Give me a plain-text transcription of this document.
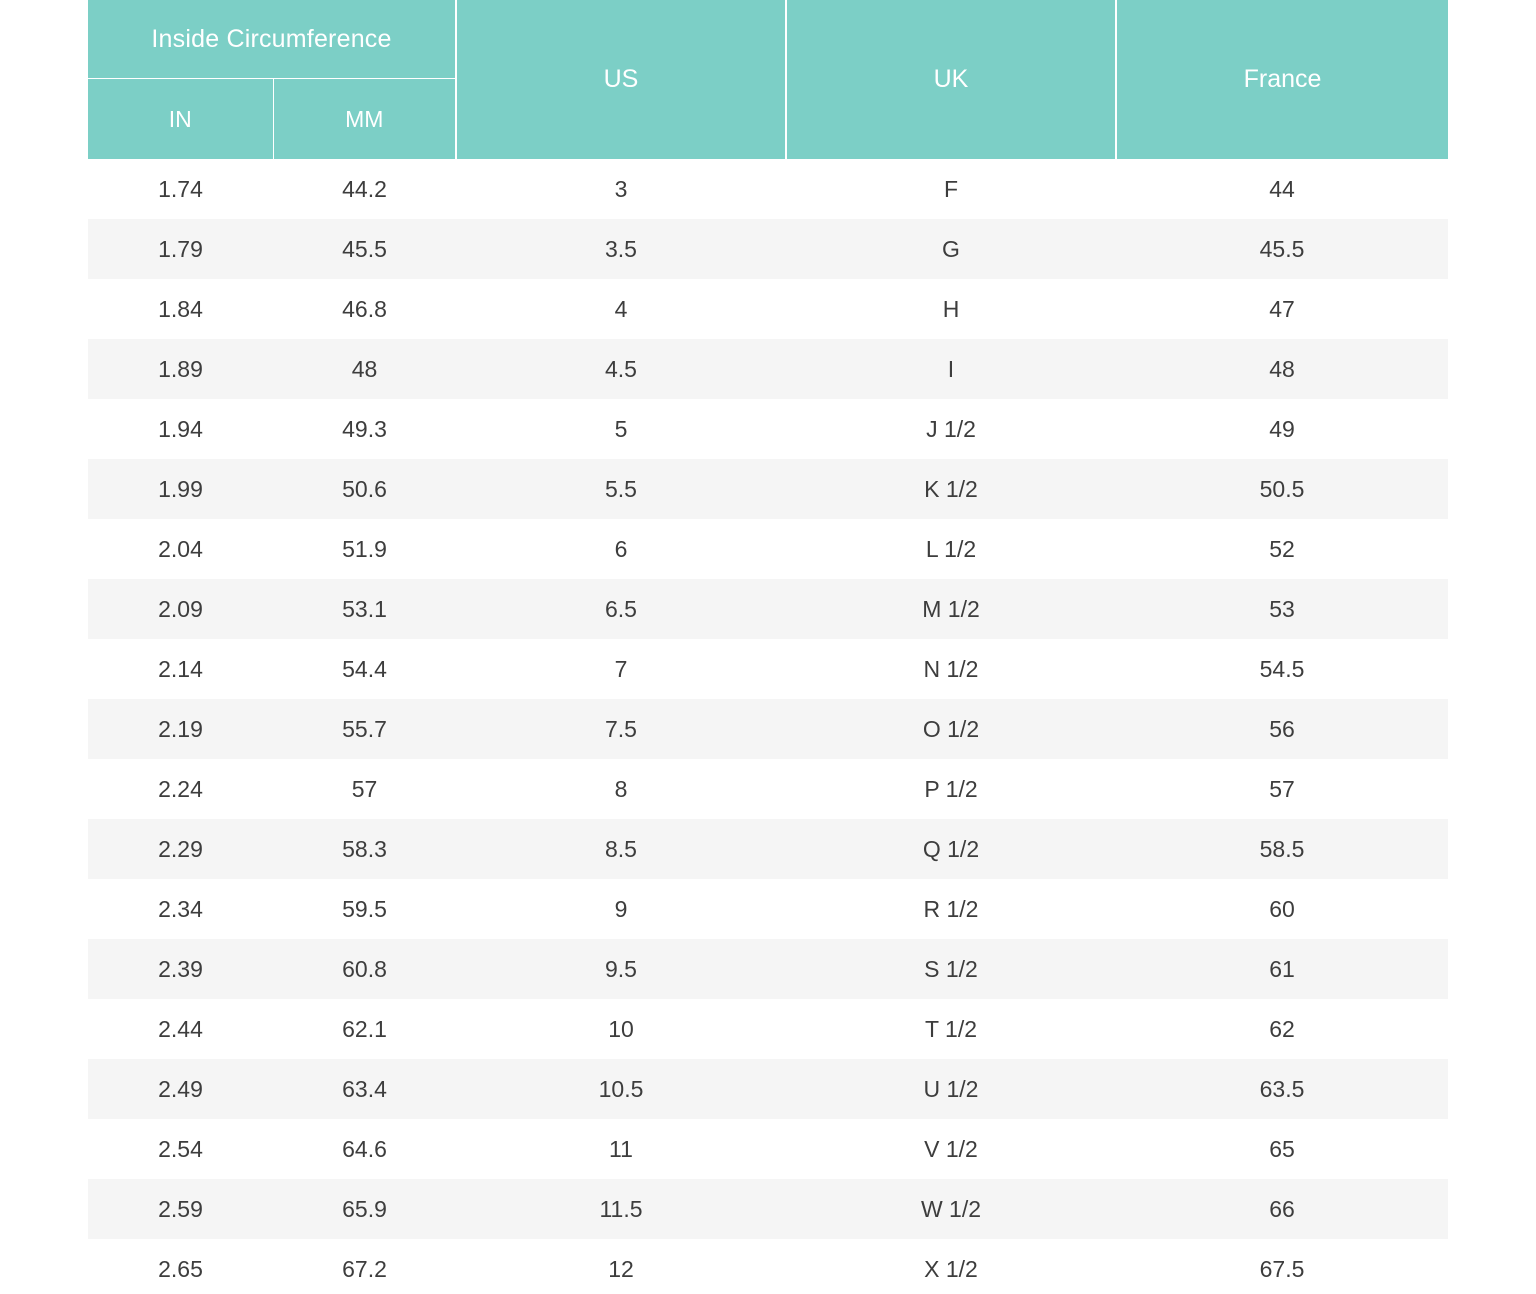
Inside Circumference		US	UK	France
IN	MM			
1.74	44.2	3	F	44
1.79	45.5	3.5	G	45.5
1.84	46.8	4	H	47
1.89	48	4.5	I	48
1.94	49.3	5	J 1/2	49
1.99	50.6	5.5	K 1/2	50.5
2.04	51.9	6	L 1/2	52
2.09	53.1	6.5	M 1/2	53
2.14	54.4	7	N 1/2	54.5
2.19	55.7	7.5	O 1/2	56
2.24	57	8	P 1/2	57
2.29	58.3	8.5	Q 1/2	58.5
2.34	59.5	9	R 1/2	60
2.39	60.8	9.5	S 1/2	61
2.44	62.1	10	T 1/2	62
2.49	63.4	10.5	U 1/2	63.5
2.54	64.6	11	V 1/2	65
2.59	65.9	11.5	W 1/2	66
2.65	67.2	12	X 1/2	67.5
